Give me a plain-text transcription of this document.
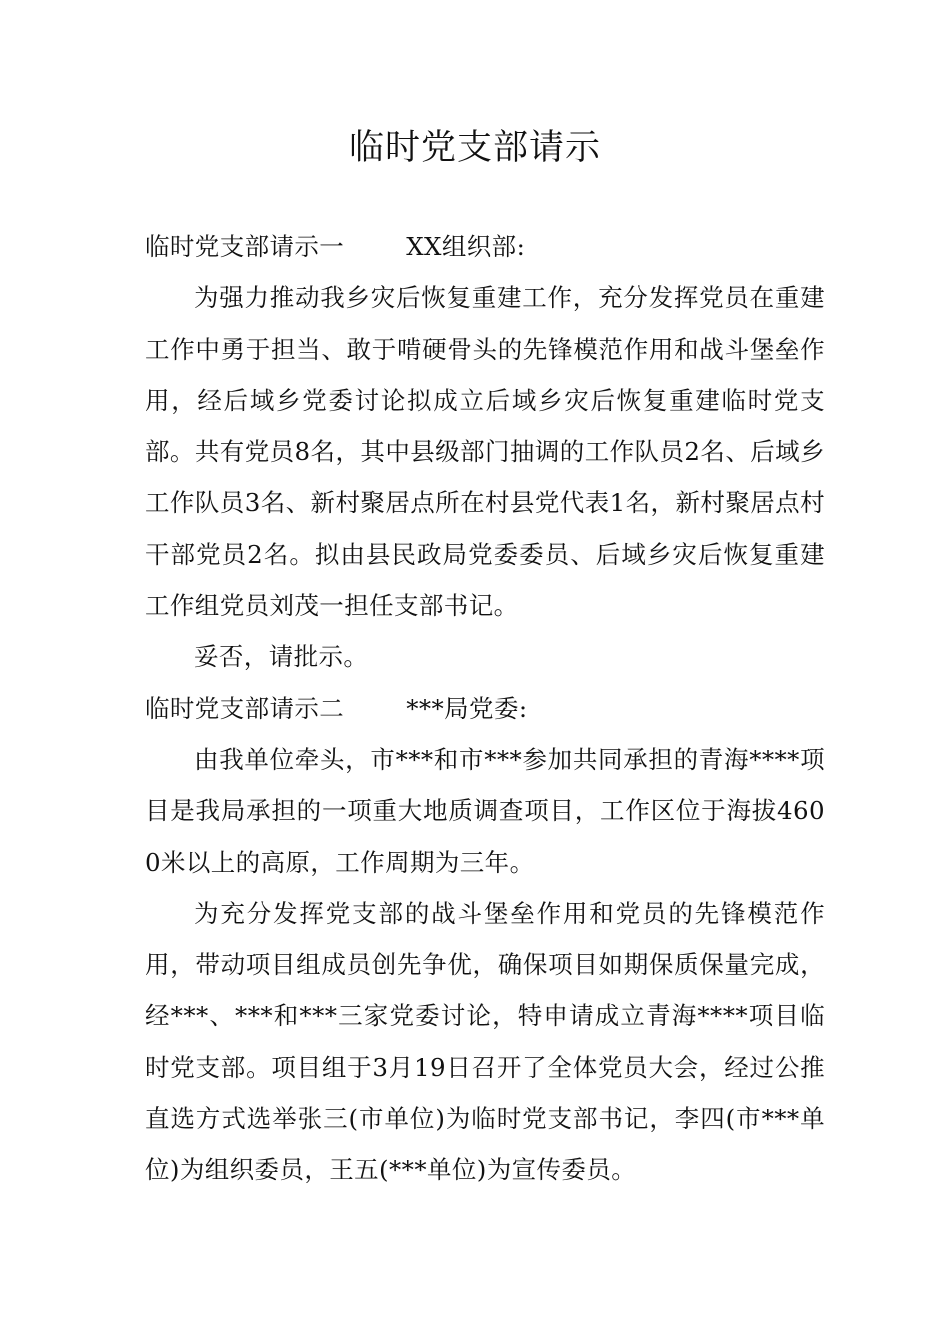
临时党支部请示

临时党支部请示一	XX组织部:

为强力推动我乡灾后恢复重建工作，充分发挥党员在重建工作中勇于担当、敢于啃硬骨头的先锋模范作用和战斗堡垒作用，经后域乡党委讨论拟成立后域乡灾后恢复重建临时党支部。共有党员8名，其中县级部门抽调的工作队员2名、后域乡工作队员3名、新村聚居点所在村县党代表1名，新村聚居点村干部党员2名。拟由县民政局党委委员、后域乡灾后恢复重建工作组党员刘茂一担任支部书记。

妥否，请批示。

临时党支部请示二	***局党委:

由我单位牵头，市***和市***参加共同承担的青海****项目是我局承担的一项重大地质调查项目，工作区位于海拔4600米以上的高原，工作周期为三年。

为充分发挥党支部的战斗堡垒作用和党员的先锋模范作用，带动项目组成员创先争优，确保项目如期保质保量完成，经***、***和***三家党委讨论，特申请成立青海****项目临时党支部。项目组于3月19日召开了全体党员大会，经过公推直选方式选举张三(市单位)为临时党支部书记，李四(市***单位)为组织委员，王五(***单位)为宣传委员。
